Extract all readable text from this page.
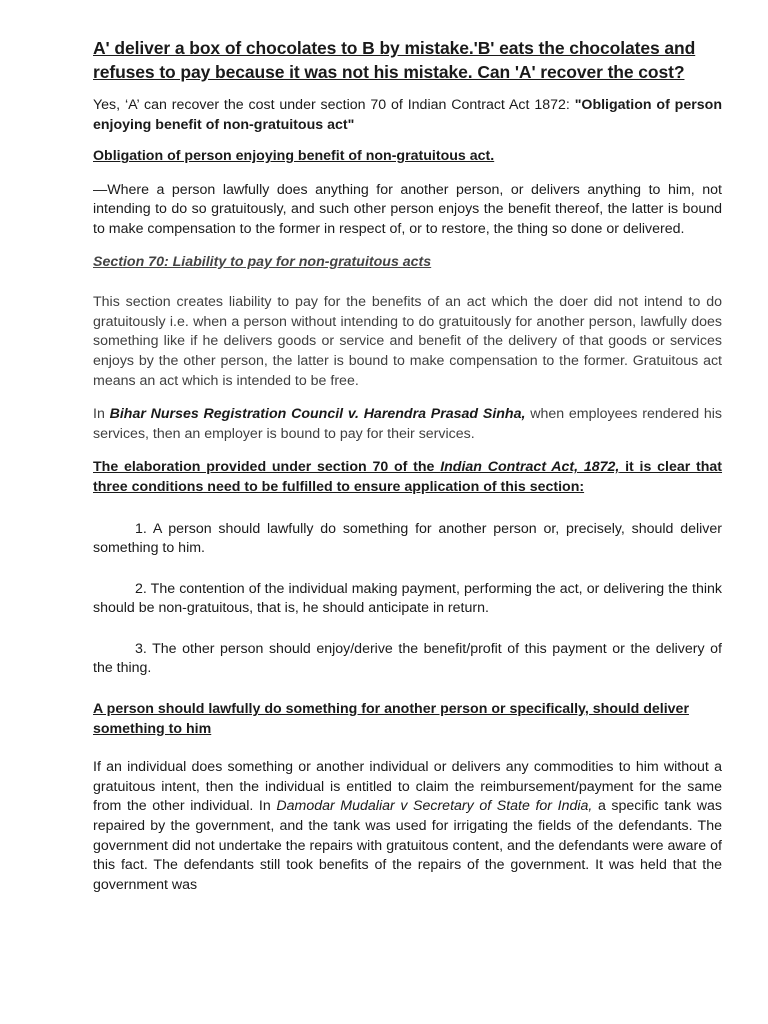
A' deliver a box of chocolates to B by mistake.'B' eats the chocolates and refuses to pay because it was not his mistake. Can 'A' recover the cost?

Yes, ‘A’ can recover the cost under section 70 of Indian Contract Act 1872: "Obligation of person enjoying benefit of non-gratuitous act"

Obligation of person enjoying benefit of non-gratuitous act.

—Where a person lawfully does anything for another person, or delivers anything to him, not intending to do so gratuitously, and such other person enjoys the benefit thereof, the latter is bound to make compensation to the former in respect of, or to restore, the thing so done or delivered.

Section 70: Liability to pay for non-gratuitous acts

This section creates liability to pay for the benefits of an act which the doer did not intend to do gratuitously i.e. when a person without intending to do gratuitously for another person, lawfully does something like if he delivers goods or service and benefit of the delivery of that goods or services enjoys by the other person, the latter is bound to make compensation to the former. Gratuitous act means an act which is intended to be free.

In Bihar Nurses Registration Council v. Harendra Prasad Sinha, when employees rendered his services, then an employer is bound to pay for their services.

The elaboration provided under section 70 of the Indian Contract Act, 1872, it is clear that three conditions need to be fulfilled to ensure application of this section:

1. A person should lawfully do something for another person or, precisely, should deliver something to him.

2. The contention of the individual making payment, performing the act, or delivering the think should be non-gratuitous, that is, he should anticipate in return.

3. The other person should enjoy/derive the benefit/profit of this payment or the delivery of the thing.

A person should lawfully do something for another person or specifically, should deliver something to him

If an individual does something or another individual or delivers any commodities to him without a gratuitous intent, then the individual is entitled to claim the reimbursement/payment for the same from the other individual. In Damodar Mudaliar v Secretary of State for India, a specific tank was repaired by the government, and the tank was used for irrigating the fields of the defendants. The government did not undertake the repairs with gratuitous content, and the defendants were aware of this fact. The defendants still took benefits of the repairs of the government. It was held that the government was
